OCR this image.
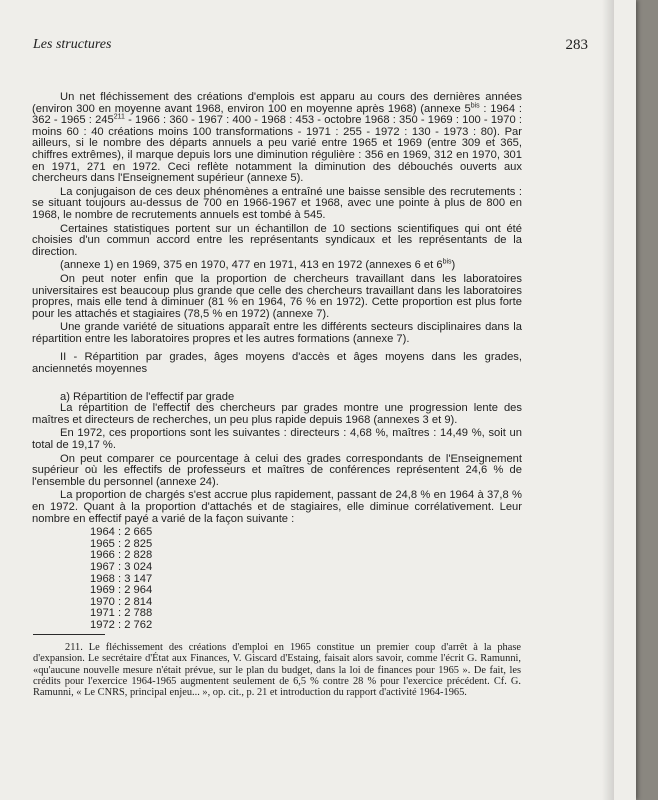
Les structures	283

Un net fléchissement des créations d'emplois est apparu au cours des dernières années (environ 300 en moyenne avant 1968, environ 100 en moyenne après 1968) (annexe $5^{bis}$ : 1964 : 362 - 1965 : $245^{211} - 1966$ : 360 - 1967 : 400 - 1968 : 453 - octobre 1968 : 350 - 1969 : 100 - 1970 : moins 60 : 40 créations moins 100 transformations - 1971 : 255 - 1972 : 130 - 1973 : 80). Par ailleurs, si le nombre des départs annuels a peu varié entre 1965 et 1969 (entre 309 et 365, chiffres extrêmes), il marque depuis lors une diminution régulière : 356 en 1969, 312 en 1970, 301 en 1971, 271 en 1972. Ceci reflète notamment la diminution des débouchés ouverts aux chercheurs dans l'Enseignement supérieur (annexe 5).

La conjugaison de ces deux phénomènes a entraîné une baisse sensible des recrutements : se situant toujours au-dessus de 700 en 1966-1967 et 1968, avec une pointe à plus de 800 en 1968, le nombre de recrutements annuels est tombé à 545.

Certaines statistiques portent sur un échantillon de 10 sections scientifiques qui ont été choisies d'un commun accord entre les représentants syndicaux et les représentants de la direction.

(annexe 1) en 1969, 375 en 1970, 477 en 1971, 413 en 1972 (annexes 6 et $6^{bis}$)

On peut noter enfin que la proportion de chercheurs travaillant dans les laboratoires universitaires est beaucoup plus grande que celle des chercheurs travaillant dans les laboratoires propres, mais elle tend à diminuer (81 % en 1964, 76 % en 1972). Cette proportion est plus forte pour les attachés et stagiaires (78,5 % en 1972) (annexe 7).

Une grande variété de situations apparaît entre les différents secteurs disciplinaires dans la répartition entre les laboratoires propres et les autres formations (annexe 7).

II - Répartition par grades, âges moyens d'accès et âges moyens dans les grades, anciennetés moyennes

a) Répartition de l'effectif par grade

La répartition de l'effectif des chercheurs par grades montre une progression lente des maîtres et directeurs de recherches, un peu plus rapide depuis 1968 (annexes 3 et 9).

En 1972, ces proportions sont les suivantes : directeurs : 4,68 %, maîtres : 14,49 %, soit un total de 19,17 %.

On peut comparer ce pourcentage à celui des grades correspondants de l'Enseignement supérieur où les effectifs de professeurs et maîtres de conférences représentent 24,6 % de l'ensemble du personnel (annexe 24).

La proportion de chargés s'est accrue plus rapidement, passant de 24,8 % en 1964 à 37,8 % en 1972. Quant à la proportion d'attachés et de stagiaires, elle diminue corrélativement. Leur nombre en effectif payé a varié de la façon suivante :

1964 : 2 665
1965 : 2 825
1966 : 2 828
1967 : 3 024
1968 : 3 147
1969 : 2 964
1970 : 2 814
1971 : 2 788
1972 : 2 762

211. Le fléchissement des créations d'emploi en 1965 constitue un premier coup d'arrêt à la phase d'expansion. Le secrétaire d'État aux Finances, V. Giscard d'Estaing, faisait alors savoir, comme l'écrit G. Ramunni, «qu'aucune nouvelle mesure n'était prévue, sur le plan du budget, dans la loi de finances pour 1965 ». De fait, les crédits pour l'exercice 1964-1965 augmentent seulement de 6,5 % contre 28 % pour l'exercice précédent. Cf. G. Ramunni, « Le CNRS, principal enjeu... », op. cit., p. 21 et introduction du rapport d'activité 1964-1965.
